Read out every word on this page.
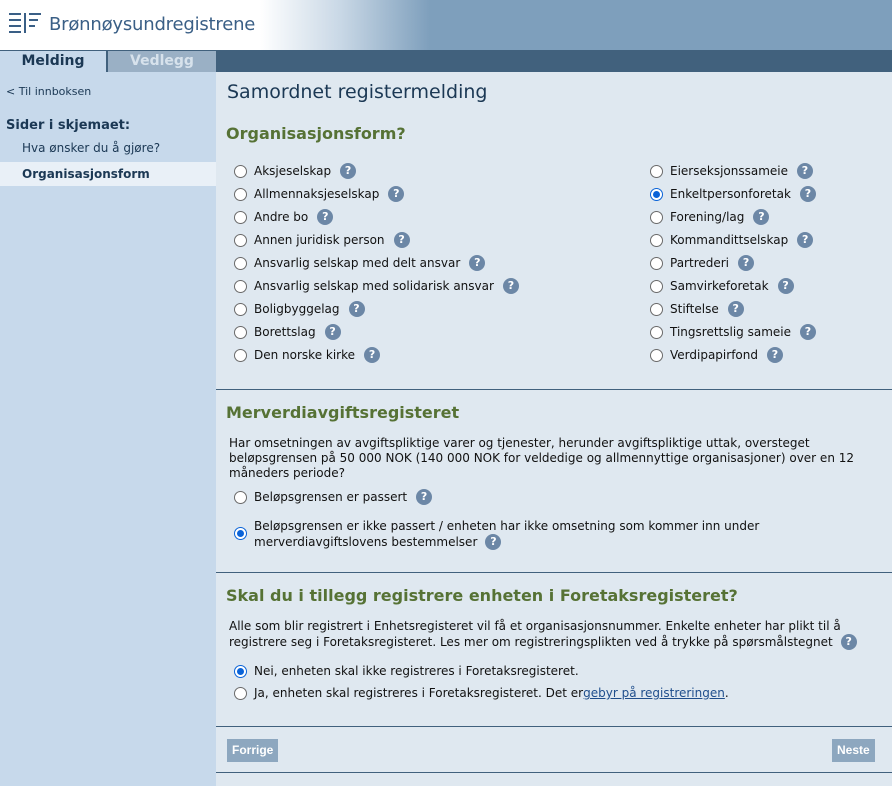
Brønnøysundregistrene
Melding	Vedlegg
< Til innboksen
Sider i skjemaet:
Hva ønsker du å gjøre?
Organisasjonsform
Samordnet registermelding
Organisasjonsform?
Aksjeselskap	?
Allmennaksjeselskap	?
Andre bo	?
Annen juridisk person	?
Ansvarlig selskap med delt ansvar	?
Ansvarlig selskap med solidarisk ansvar	?
Boligbyggelag	?
Borettslag	?
Den norske kirke	?
Eierseksjonssameie	?
Enkeltpersonforetak	?
Forening/lag	?
Kommandittselskap	?
Partrederi	?
Samvirkeforetak	?
Stiftelse	?
Tingsrettslig sameie	?
Verdipapirfond	?
Merverdiavgiftsregisteret
Har omsetningen av avgiftspliktige varer og tjenester, herunder avgiftspliktige uttak, oversteget
beløpsgrensen på 50 000 NOK (140 000 NOK for veldedige og allmennyttige organisasjoner) over en 12
måneders periode?
Beløpsgrensen er passert	?
Beløpsgrensen er ikke passert / enheten har ikke omsetning som kommer inn under
merverdiavgiftslovens bestemmelser	?
Skal du i tillegg registrere enheten i Foretaksregisteret?
Alle som blir registrert i Enhetsregisteret vil få et organisasjonsnummer. Enkelte enheter har plikt til å
registrere seg i Foretaksregisteret. Les mer om registreringsplikten ved å trykke på spørsmålstegnet	?
Nei, enheten skal ikke registreres i Foretaksregisteret.
Ja, enheten skal registreres i Foretaksregisteret. Det er gebyr på registreringen .
Forrige	Neste
